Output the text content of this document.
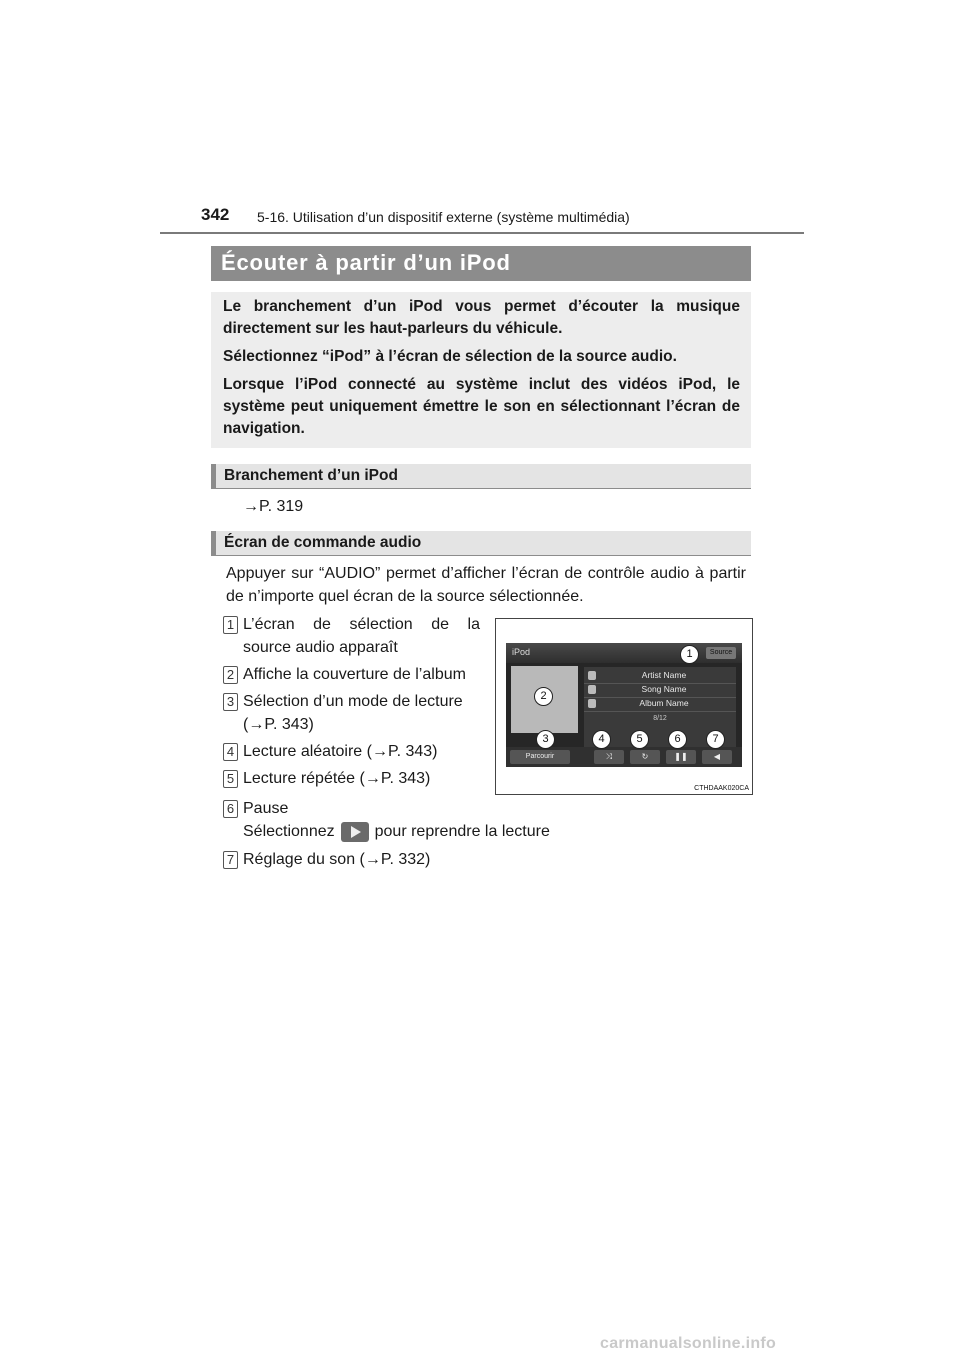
342 5-16. Utilisation d’un dispositif externe (système multimédia)
Écouter à partir d’un iPod

Le branchement d’un iPod vous permet d’écouter la musique directement sur les haut-parleurs du véhicule.

Sélectionnez “iPod” à l’écran de sélection de la source audio.

Lorsque l’iPod connecté au système inclut des vidéos iPod, le système peut uniquement émettre le son en sélectionnant l’écran de navigation.

Branchement d’un iPod
→P. 319
Écran de commande audio
Appuyer sur “AUDIO” permet d’afficher l’écran de contrôle audio à partir de n’importe quel écran de la source sélectionnée.
1 L’écran de sélection de la
source audio apparaît
2 Affiche la couverture de l’album
3 Sélection d’un mode de lecture
(→P. 343)
4 Lecture aléatoire (→P. 343)
5 Lecture répétée (→P. 343)
6 Pause
Sélectionnez	pour reprendre la lecture
7 Réglage du son (→P. 332)
iPod	Source
Artist Name
Song Name
Album Name
8/12
Parcourir	⤨	↻	❚❚	◀
1
2
3	4	5	6	7
CTHDAAK020CA
carmanualsonline.info
